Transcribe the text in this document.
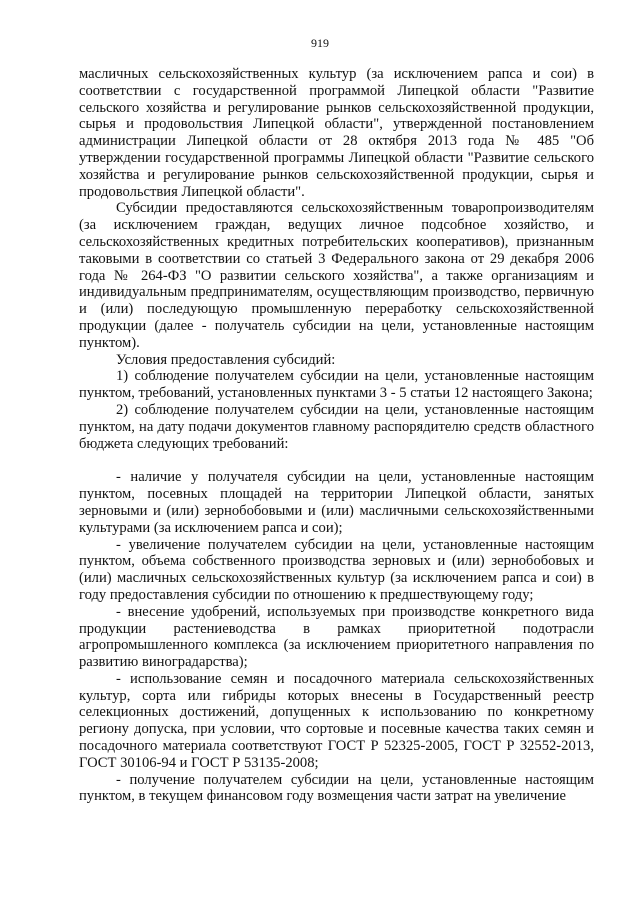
919

масличных сельскохозяйственных культур (за исключением рапса и сои) в соответствии с государственной программой Липецкой области "Развитие сельского хозяйства и регулирование рынков сельскохозяйственной продукции, сырья и продовольствия Липецкой области", утвержденной постановлением администрации Липецкой области от 28 октября 2013 года № 485 "Об утверждении государственной программы Липецкой области "Развитие сельского хозяйства и регулирование рынков сельскохозяйственной продукции, сырья и продовольствия Липецкой области".

Субсидии предоставляются сельскохозяйственным товаропроизводителям (за исключением граждан, ведущих личное подсобное хозяйство, и сельскохозяйственных кредитных потребительских кооперативов), признанным таковыми в соответствии со статьей 3 Федерального закона от 29 декабря 2006 года № 264-ФЗ "О развитии сельского хозяйства", а также организациям и индивидуальным предпринимателям, осуществляющим производство, первичную и (или) последующую промышленную переработку сельскохозяйственной продукции (далее - получатель субсидии на цели, установленные настоящим пунктом).

Условия предоставления субсидий:

1) соблюдение получателем субсидии на цели, установленные настоящим пунктом, требований, установленных пунктами 3 - 5 статьи 12 настоящего Закона;

2) соблюдение получателем субсидии на цели, установленные настоящим пунктом, на дату подачи документов главному распорядителю средств областного бюджета следующих требований:

- наличие у получателя субсидии на цели, установленные настоящим пунктом, посевных площадей на территории Липецкой области, занятых зерновыми и (или) зернобобовыми и (или) масличными сельскохозяйственными культурами (за исключением рапса и сои);

- увеличение получателем субсидии на цели, установленные настоящим пунктом, объема собственного производства зерновых и (или) зернобобовых и (или) масличных сельскохозяйственных культур (за исключением рапса и сои) в году предоставления субсидии по отношению к предшествующему году;

- внесение удобрений, используемых при производстве конкретного вида продукции растениеводства в рамках приоритетной подотрасли агропромышленного комплекса (за исключением приоритетного направления по развитию виноградарства);

- использование семян и посадочного материала сельскохозяйственных культур, сорта или гибриды которых внесены в Государственный реестр селекционных достижений, допущенных к использованию по конкретному региону допуска, при условии, что сортовые и посевные качества таких семян и посадочного материала соответствуют ГОСТ Р 52325-2005, ГОСТ Р 32552-2013, ГОСТ 30106-94 и ГОСТ Р 53135-2008;

- получение получателем субсидии на цели, установленные настоящим пунктом, в текущем финансовом году возмещения части затрат на увеличение
